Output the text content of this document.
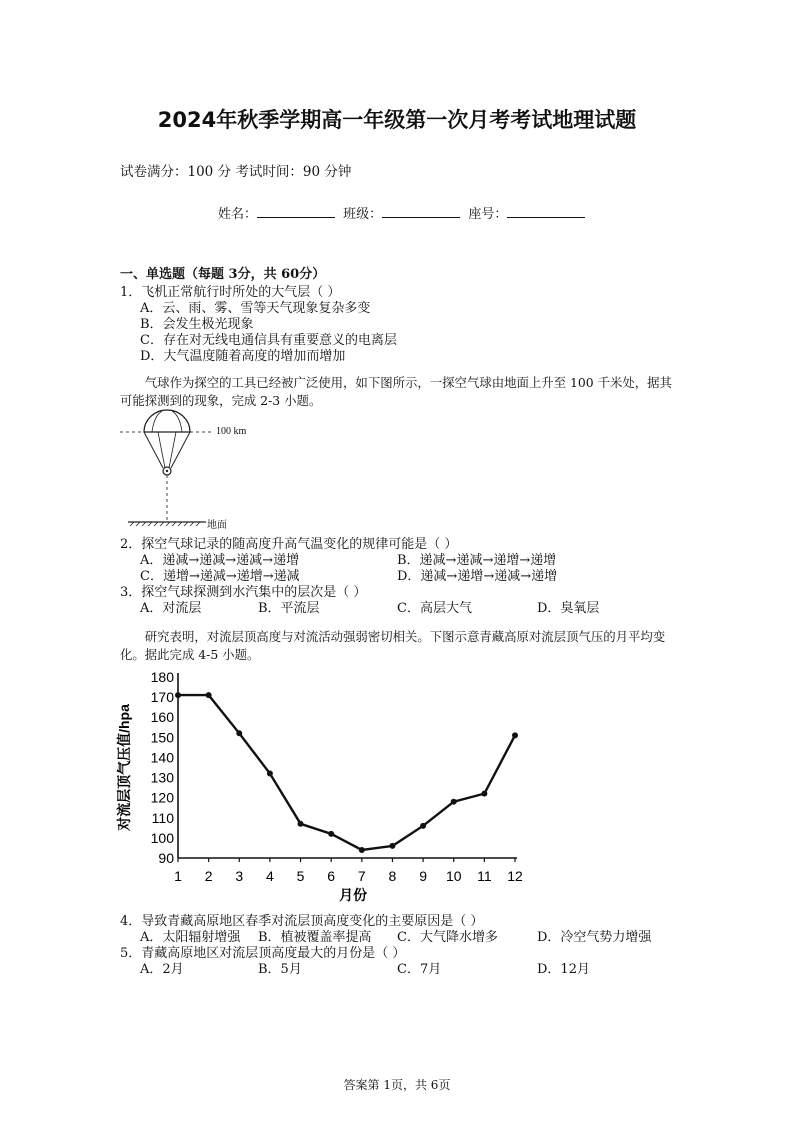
2024年秋季学期高一年级第一次月考考试地理试题
试卷满分：100 分 考试时间：90 分钟
姓名：	班级：	座号：
一、单选题（每题 3分，共 60分）
1．飞机正常航行时所处的大气层（ ）
A．云、雨、雾、雪等天气现象复杂多变
B．会发生极光现象
C．存在对无线电通信具有重要意义的电离层
D．大气温度随着高度的增加而增加
气球作为探空的工具已经被广泛使用，如下图所示，一探空气球由地面上升至 100 千米处，据其可能探测到的现象，完成 2-3 小题。
100 km
地面
2．探空气球记录的随高度升高气温变化的规律可能是（ ）
A．递减→递减→递减→递增	B．递减→递减→递增→递增
C．递增→递减→递增→递减	D．递减→递增→递减→递增
3．探空气球探测到水汽集中的层次是（ ）
A．对流层	B．平流层	C．高层大气	D．臭氧层
研究表明，对流层顶高度与对流活动强弱密切相关。下图示意青藏高原对流层顶气压的月平均变化。据此完成 4-5 小题。
90
100
110
120
130
140
150
160
170
180
1 2 3 4 5 6 7 8 9 10 11 12
对流层顶气压值/hpa
月份
4．导致青藏高原地区春季对流层顶高度变化的主要原因是（ ）
A．太阳辐射增强 B．植被覆盖率提高 C．大气降水增多	D．冷空气势力增强
5．青藏高原地区对流层顶高度最大的月份是（ ）
A．2月	B．5月	C．7月	D．12月
答案第 1页，共 6页
